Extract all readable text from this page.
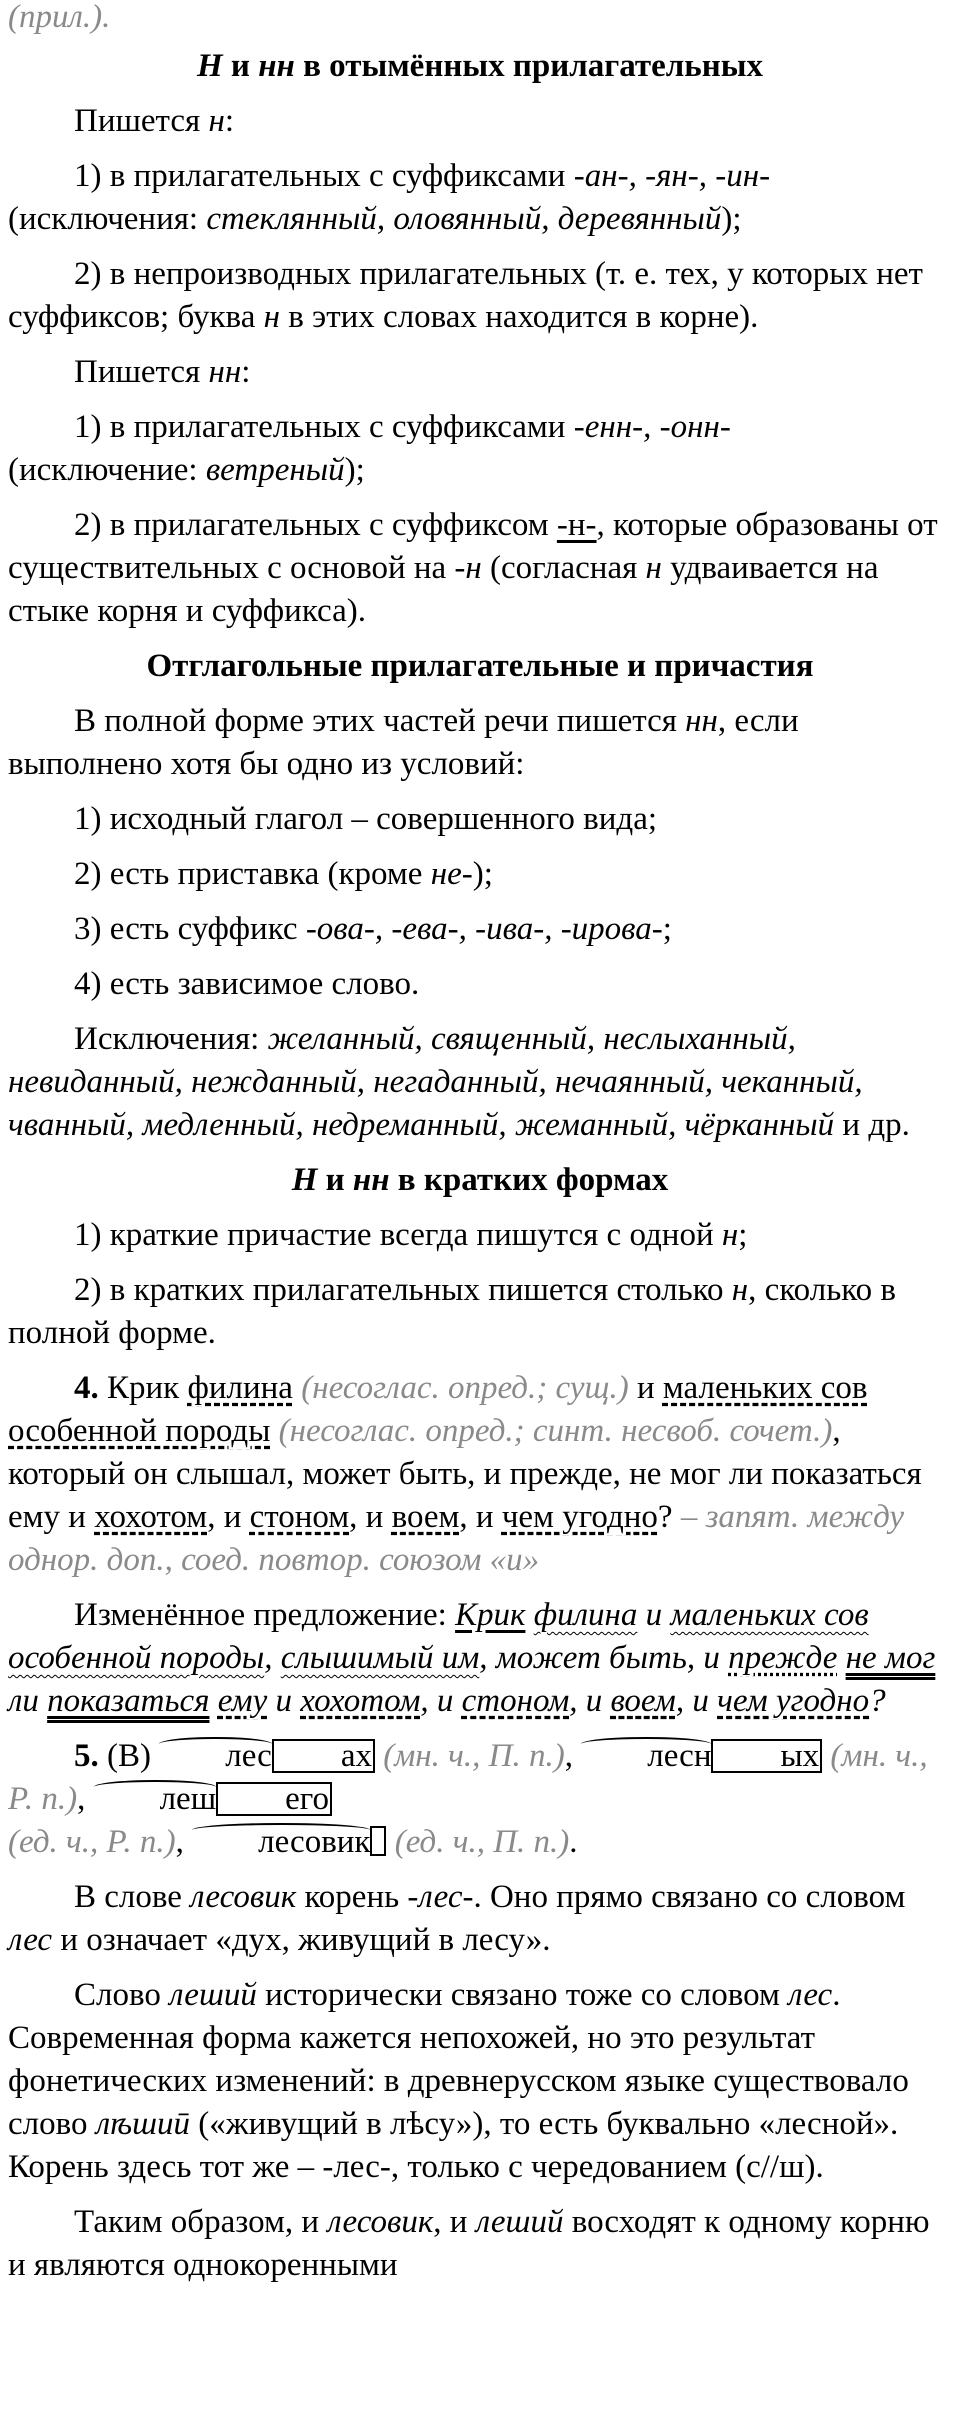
(прил.).

Н и нн в отымённых прилагательных

Пишется н:

1) в прилагательных с суффиксами -ан-, -ян-, -ин-
(исключения: стеклянный, оловянный, деревянный);

2) в непроизводных прилагательных (т. е. тех, у которых нет суффиксов; буква н в этих словах находится в корне).

Пишется нн:

1) в прилагательных с суффиксами -енн-, -онн-
(исключение: ветреный);

2) в прилагательных с суффиксом -н-, которые образованы от существительных с основой на -н (согласная н удваивается на стыке корня и суффикса).

Отглагольные прилагательные и причастия

В полной форме этих частей речи пишется нн, если выполнено хотя бы одно из условий:

1) исходный глагол – совершенного вида;

2) есть приставка (кроме не-);

3) есть суффикс -ова-, -ева-, -ива-, -ирова-;

4) есть зависимое слово.

Исключения: желанный, священный, неслыханный, невиданный, нежданный, негаданный, нечаянный, чеканный, чванный, медленный, недреманный, жеманный, чёрканный и др.

Н и нн в кратких формах

1) краткие причастие всегда пишутся с одной н;

2) в кратких прилагательных пишется столько н, сколько в полной форме.

4. Крик филина (несоглас. опред.; сущ.) и маленьких сов особенной породы (несоглас. опред.; синт. несвоб. сочет.), который он слышал, может быть, и прежде, не мог ли показаться ему и хохотом, и стоном, и воем, и чем угодно? – запят. между однор. доп., соед. повтор. союзом «и»

Изменённое предложение: Крик филина и маленьких сов особенной породы, слышимый им, может быть, и прежде не мог ли показаться ему и хохотом, и стоном, и воем, и чем угодно?

5. (В) лес ах (мн. ч., П. п.), лесн ых (мн. ч., Р. п.), леш его
(ед. ч., Р. п.), лесовик (ед. ч., П. п.).

В слове лесовик корень -лес-. Оно прямо связано со словом лес и означает «дух, живущий в лесу».

Слово леший исторически связано тоже со словом лес. Современная форма кажется непохожей, но это результат фонетических изменений: в древнерусском языке существовало слово лѣшиӣ («живущий в лѣсу»), то есть буквально «лесной». Корень здесь тот же – -лес-, только с чередованием (с//ш).

Таким образом, и лесовик, и леший восходят к одному корню и являются однокоренными
